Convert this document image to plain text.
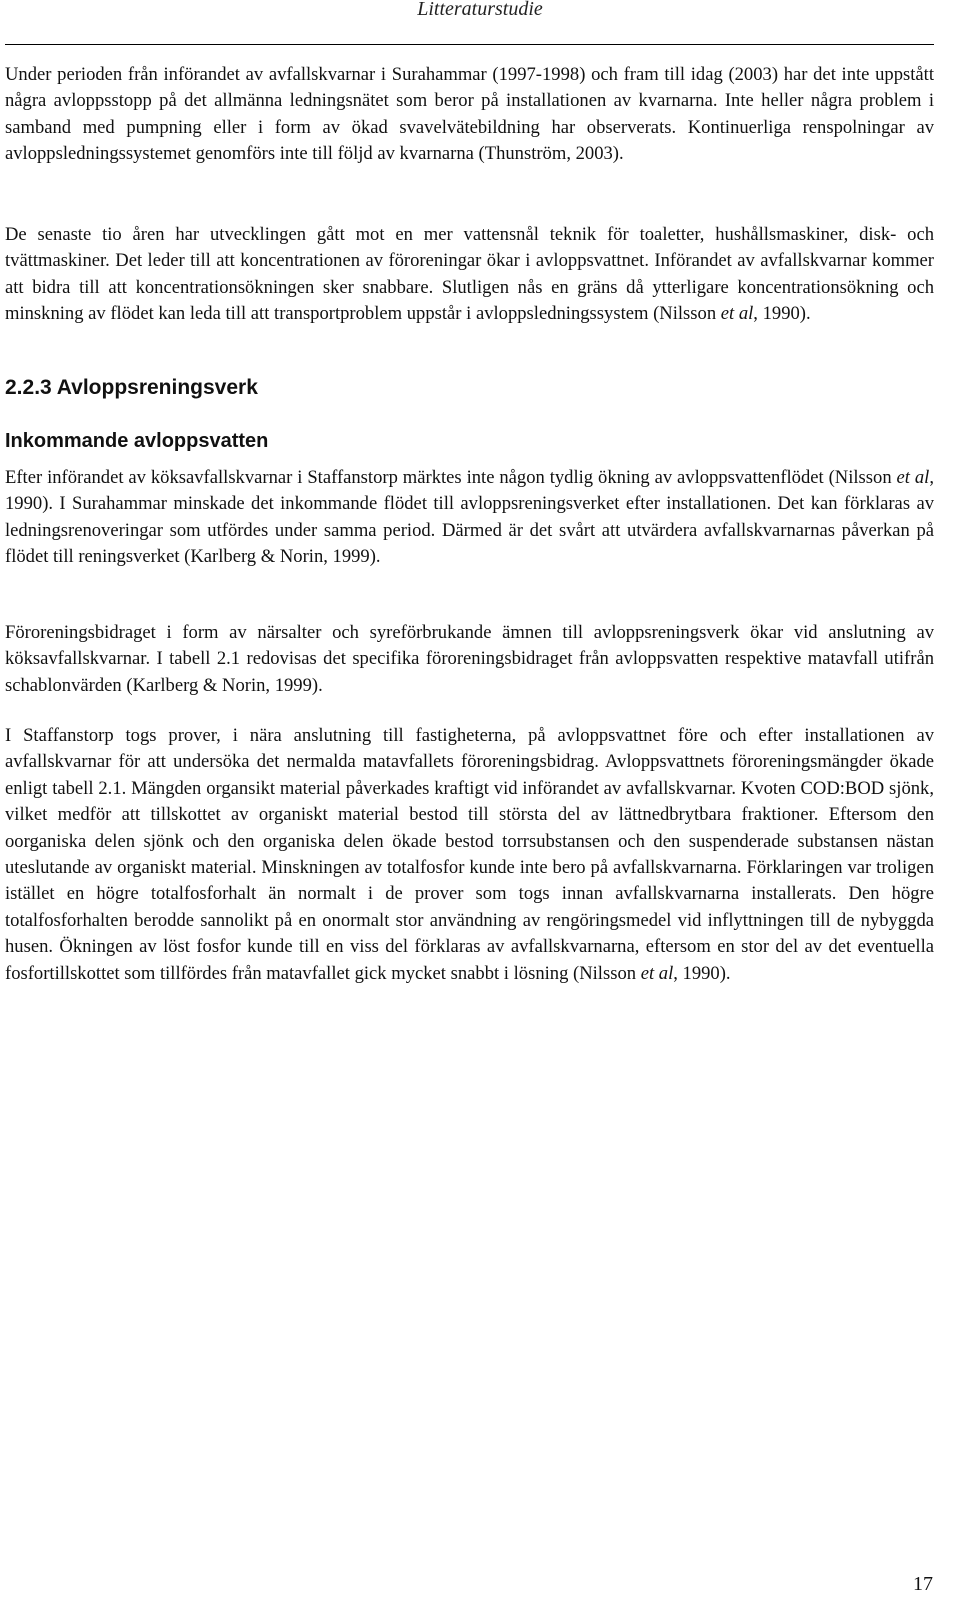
Litteraturstudie

Under perioden från införandet av avfallskvarnar i Surahammar (1997-1998) och fram till idag (2003) har det inte uppstått några avloppsstopp på det allmänna ledningsnätet som beror på installationen av kvarnarna. Inte heller några problem i samband med pumpning eller i form av ökad svavelvätebildning har observerats. Kontinuerliga renspolningar av avloppsledningssystemet genomförs inte till följd av kvarnarna (Thunström, 2003).

De senaste tio åren har utvecklingen gått mot en mer vattensnål teknik för toaletter, hushållsmaskiner, disk- och tvättmaskiner. Det leder till att koncentrationen av föroreningar ökar i avloppsvattnet. Införandet av avfallskvarnar kommer att bidra till att koncentrationsökningen sker snabbare. Slutligen nås en gräns då ytterligare koncentrationsökning och minskning av flödet kan leda till att transportproblem uppstår i avloppsledningssystem (Nilsson et al, 1990).

2.2.3 Avloppsreningsverk
Inkommande avloppsvatten

Efter införandet av köksavfallskvarnar i Staffanstorp märktes inte någon tydlig ökning av avloppsvattenflödet (Nilsson et al, 1990). I Surahammar minskade det inkommande flödet till avloppsreningsverket efter installationen. Det kan förklaras av ledningsrenoveringar som utfördes under samma period. Därmed är det svårt att utvärdera avfallskvarnarnas påverkan på flödet till reningsverket (Karlberg & Norin, 1999).

Föroreningsbidraget i form av närsalter och syreförbrukande ämnen till avloppsreningsverk ökar vid anslutning av köksavfallskvarnar. I tabell 2.1 redovisas det specifika föroreningsbidraget från avloppsvatten respektive matavfall utifrån schablonvärden (Karlberg & Norin, 1999).

I Staffanstorp togs prover, i nära anslutning till fastigheterna, på avloppsvattnet före och efter installationen av avfallskvarnar för att undersöka det nermalda matavfallets föroreningsbidrag. Avloppsvattnets föroreningsmängder ökade enligt tabell 2.1. Mängden organsikt material påverkades kraftigt vid införandet av avfallskvarnar. Kvoten COD:BOD sjönk, vilket medför att tillskottet av organiskt material bestod till största del av lättnedbrytbara fraktioner. Eftersom den oorganiska delen sjönk och den organiska delen ökade bestod torrsubstansen och den suspenderade substansen nästan uteslutande av organiskt material. Minskningen av totalfosfor kunde inte bero på avfallskvarnarna. Förklaringen var troligen istället en högre totalfosforhalt än normalt i de prover som togs innan avfallskvarnarna installerats. Den högre totalfosforhalten berodde sannolikt på en onormalt stor användning av rengöringsmedel vid inflyttningen till de nybyggda husen. Ökningen av löst fosfor kunde till en viss del förklaras av avfallskvarnarna, eftersom en stor del av det eventuella fosfortillskottet som tillfördes från matavfallet gick mycket snabbt i lösning (Nilsson et al, 1990).

17
